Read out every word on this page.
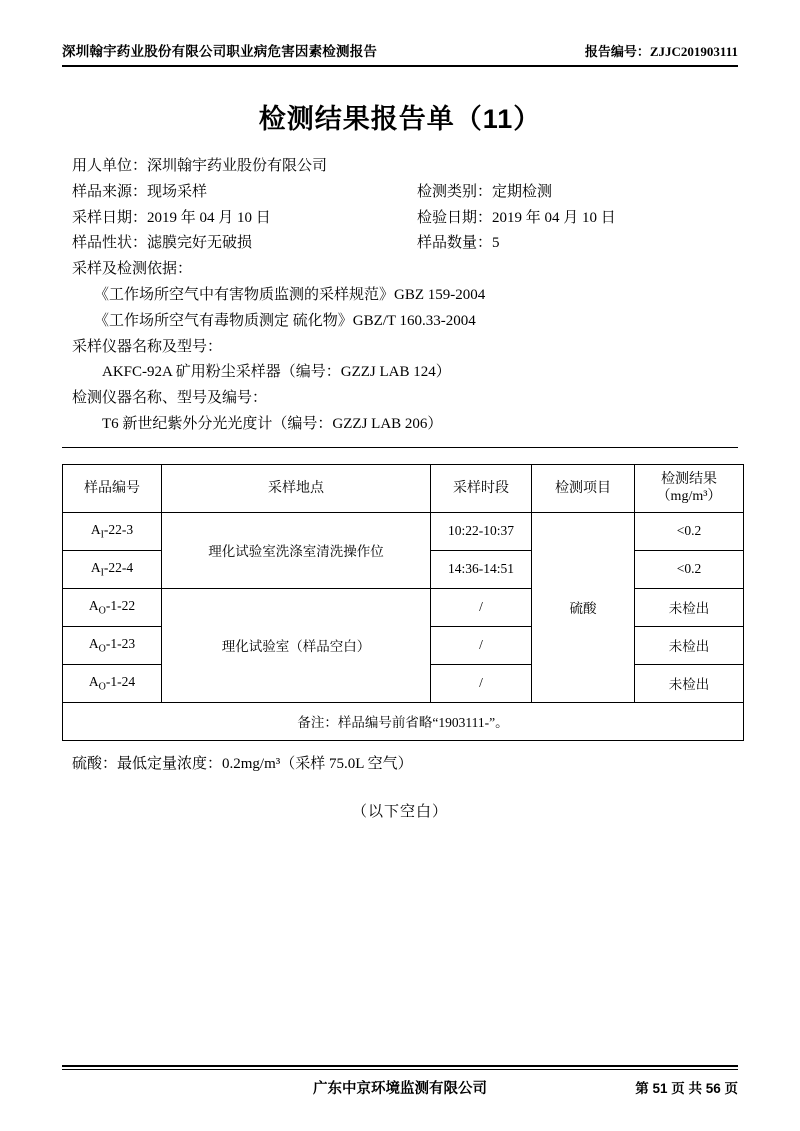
深圳翰宇药业股份有限公司职业病危害因素检测报告	报告编号：ZJJC201903111
检测结果报告单（11）
用人单位：深圳翰宇药业股份有限公司
样品来源：现场采样	检测类别：定期检测
采样日期：2019 年 04 月 10 日	检验日期：2019 年 04 月 10 日
样品性状：滤膜完好无破损	样品数量：5
采样及检测依据：
《工作场所空气中有害物质监测的采样规范》GBZ 159-2004
《工作场所空气有毒物质测定 硫化物》GBZ/T 160.33-2004
采样仪器名称及型号：
AKFC-92A 矿用粉尘采样器（编号：GZZJ LAB 124）
检测仪器名称、型号及编号：
T6 新世纪紫外分光光度计（编号：GZZJ LAB 206）
样品编号	采样地点	采样时段	检测项目	检测结果
（mg/m³）

$A_I-22-3$	理化试验室洗涤室清洗操作位	10:22-10:37	硫酸	<0.2
$A_I-22-4$		14:36-14:51		<0.2
$A_O-1-22$	理化试验室（样品空白）	/		未检出
$A_O-1-23$		/		未检出
$A_O-1-24$		/		未检出
备注：样品编号前省略“1903111-”。				
硫酸：最低定量浓度：0.2mg/m³（采样 75.0L 空气）
（以下空白）
广东中京环境监测有限公司	第 51 页 共 56 页
